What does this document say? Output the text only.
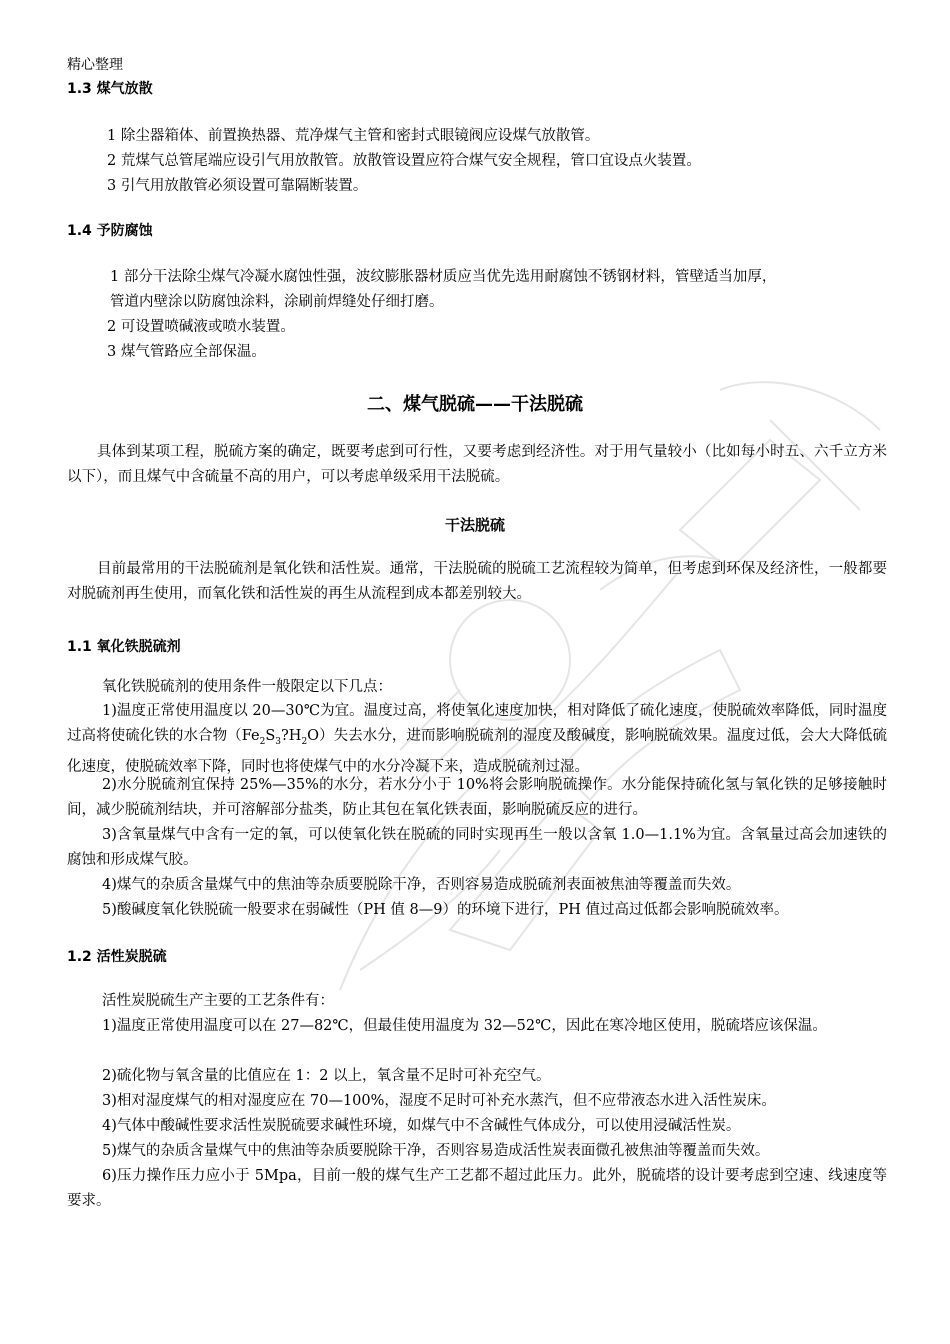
精心整理
1.3 煤气放散
1 除尘器箱体、前置换热器、荒净煤气主管和密封式眼镜阀应设煤气放散管。
2 荒煤气总管尾端应设引气用放散管。放散管设置应符合煤气安全规程，管口宜设点火装置。
3 引气用放散管必须设置可靠隔断装置。
1.4 予防腐蚀
1 部分干法除尘煤气冷凝水腐蚀性强，波纹膨胀器材质应当优先选用耐腐蚀不锈钢材料，管壁适当加厚，
管道内壁涂以防腐蚀涂料，涂刷前焊缝处仔细打磨。
2 可设置喷碱液或喷水装置。
3 煤气管路应全部保温。
二、煤气脱硫——干法脱硫
具体到某项工程，脱硫方案的确定，既要考虑到可行性，又要考虑到经济性。对于用气量较小（比如每小时五、六千立方米以下），而且煤气中含硫量不高的用户，可以考虑单级采用干法脱硫。
干法脱硫
目前最常用的干法脱硫剂是氧化铁和活性炭。通常，干法脱硫的脱硫工艺流程较为简单，但考虑到环保及经济性，一般都要对脱硫剂再生使用，而氧化铁和活性炭的再生从流程到成本都差别较大。
1.1 氧化铁脱硫剂
氧化铁脱硫剂的使用条件一般限定以下几点：
1)温度正常使用温度以 20—30℃为宜。温度过高，将使氧化速度加快，相对降低了硫化速度，使脱硫效率降低，同时温度过高将使硫化铁的水合物$(Fe_2S_3?H_2O)$失去水分，进而影响脱硫剂的湿度及酸碱度，影响脱硫效果。温度过低，会大大降低硫化速度，使脱硫效率下降，同时也将使煤气中的水分冷凝下来，造成脱硫剂过湿。
2)水分脱硫剂宜保持 25%—35%的水分，若水分小于 10%将会影响脱硫操作。水分能保持硫化氢与氧化铁的足够接触时间，减少脱硫剂结块，并可溶解部分盐类，防止其包在氧化铁表面，影响脱硫反应的进行。
3)含氧量煤气中含有一定的氧，可以使氧化铁在脱硫的同时实现再生一般以含氧 1.0—1.1%为宜。含氧量过高会加速铁的腐蚀和形成煤气胶。
4)煤气的杂质含量煤气中的焦油等杂质要脱除干净，否则容易造成脱硫剂表面被焦油等覆盖而失效。
5)酸碱度氧化铁脱硫一般要求在弱碱性（PH 值 8—9）的环境下进行，PH 值过高过低都会影响脱硫效率。
1.2 活性炭脱硫
活性炭脱硫生产主要的工艺条件有：
1)温度正常使用温度可以在 27—82℃，但最佳使用温度为 32—52℃，因此在寒冷地区使用，脱硫塔应该保温。
2)硫化物与氧含量的比值应在 1：2 以上，氧含量不足时可补充空气。
3)相对湿度煤气的相对湿度应在 70—100%，湿度不足时可补充水蒸汽，但不应带液态水进入活性炭床。
4)气体中酸碱性要求活性炭脱硫要求碱性环境，如煤气中不含碱性气体成分，可以使用浸碱活性炭。
5)煤气的杂质含量煤气中的焦油等杂质要脱除干净，否则容易造成活性炭表面微孔被焦油等覆盖而失效。
6)压力操作压力应小于 5Mpa，目前一般的煤气生产工艺都不超过此压力。此外，脱硫塔的设计要考虑到空速、线速度等要求。
